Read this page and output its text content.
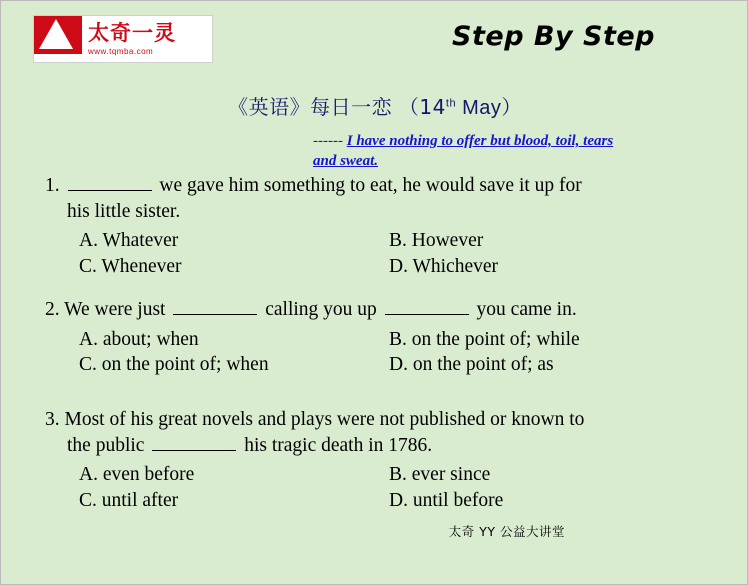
太奇一灵
www.tqmba.com	Step By Step
《英语》每日一恋 （14th May）
------ I have nothing to offer but blood, toil, tears
and sweat.
1.	we gave him something to eat, he would save it up for
his little sister.
A. Whatever	B. However
C. Whenever	D. Whichever
2. We were just	calling you up	you came in.
A. about; when	B. on the point of; while
C. on the point of; when	D. on the point of; as
3. Most of his great novels and plays were not published or known to
the public	his tragic death in 1786.
A. even before	B. ever since
C. until after	D. until before
太奇 YY 公益大讲堂
